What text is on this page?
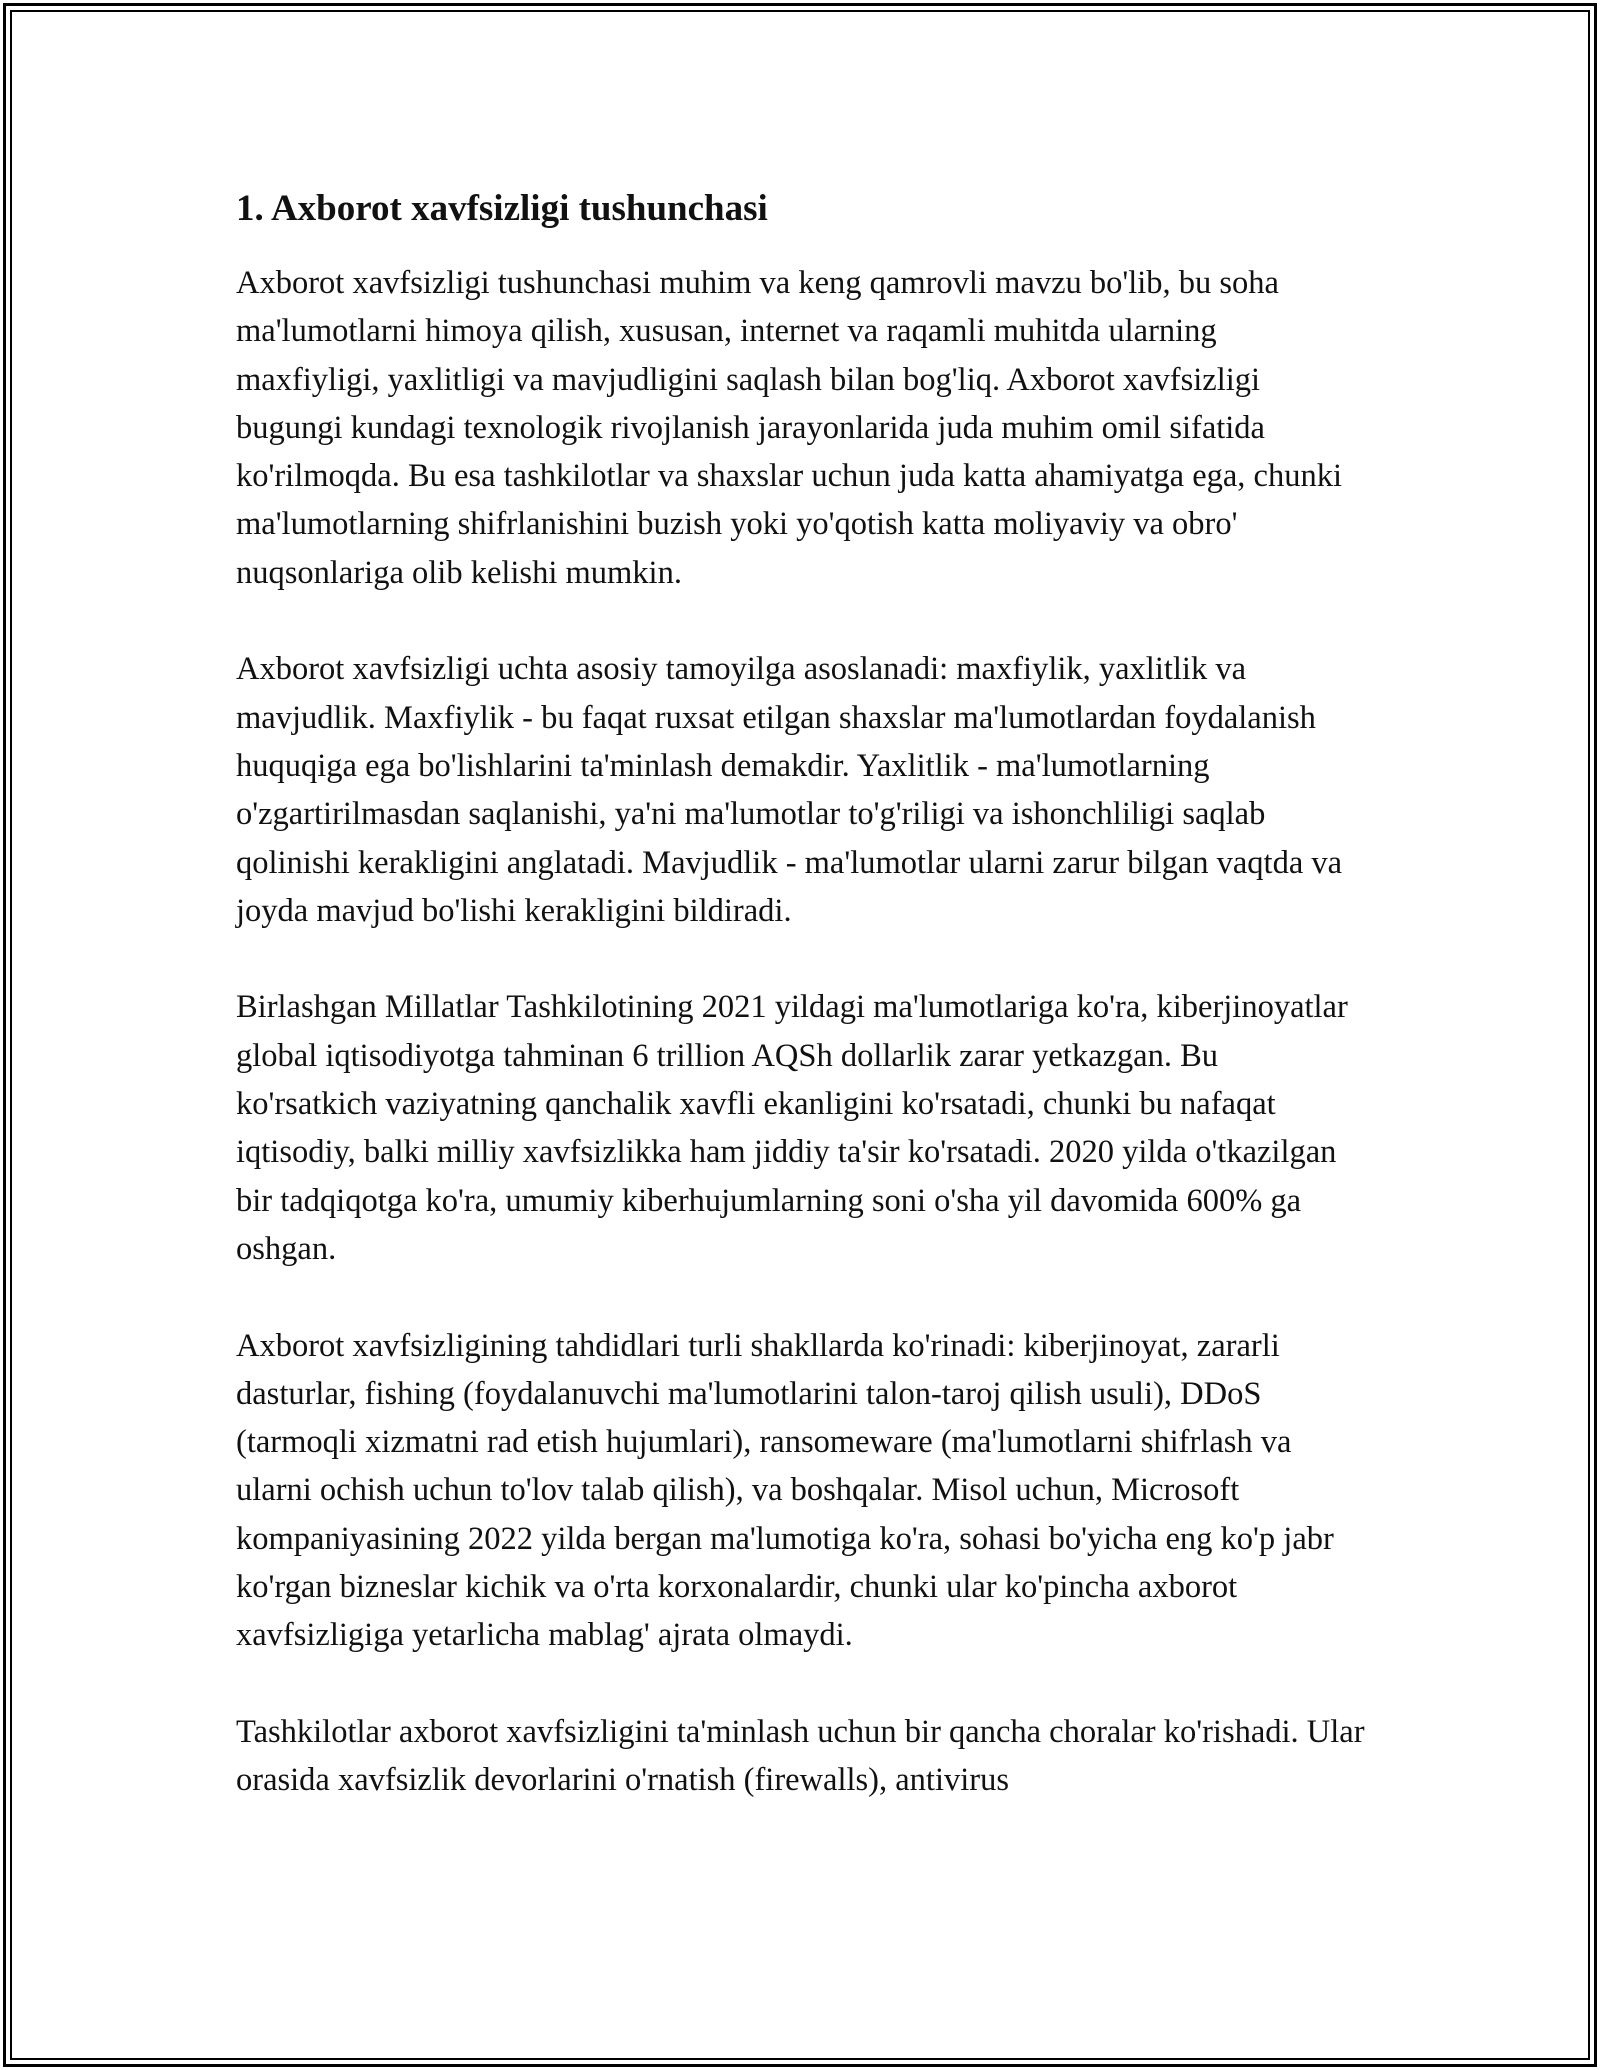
1. Axborot xavfsizligi tushunchasi

Axborot xavfsizligi tushunchasi muhim va keng qamrovli mavzu bo'lib, bu soha ma'lumotlarni himoya qilish, xususan, internet va raqamli muhitda ularning maxfiyligi, yaxlitligi va mavjudligini saqlash bilan bog'liq. Axborot xavfsizligi bugungi kundagi texnologik rivojlanish jarayonlarida juda muhim omil sifatida ko'rilmoqda. Bu esa tashkilotlar va shaxslar uchun juda katta ahamiyatga ega, chunki ma'lumotlarning shifrlanishini buzish yoki yo'qotish katta moliyaviy va obro' nuqsonlariga olib kelishi mumkin.

Axborot xavfsizligi uchta asosiy tamoyilga asoslanadi: maxfiylik, yaxlitlik va mavjudlik. Maxfiylik - bu faqat ruxsat etilgan shaxslar ma'lumotlardan foydalanish huquqiga ega bo'lishlarini ta'minlash demakdir. Yaxlitlik - ma'lumotlarning o'zgartirilmasdan saqlanishi, ya'ni ma'lumotlar to'g'riligi va ishonchliligi saqlab qolinishi kerakligini anglatadi. Mavjudlik - ma'lumotlar ularni zarur bilgan vaqtda va joyda mavjud bo'lishi kerakligini bildiradi.

Birlashgan Millatlar Tashkilotining 2021 yildagi ma'lumotlariga ko'ra, kiberjinoyatlar global iqtisodiyotga tahminan 6 trillion AQSh dollarlik zarar yetkazgan. Bu ko'rsatkich vaziyatning qanchalik xavfli ekanligini ko'rsatadi, chunki bu nafaqat iqtisodiy, balki milliy xavfsizlikka ham jiddiy ta'sir ko'rsatadi. 2020 yilda o'tkazilgan bir tadqiqotga ko'ra, umumiy kiberhujumlarning soni o'sha yil davomida 600% ga oshgan.

Axborot xavfsizligining tahdidlari turli shakllarda ko'rinadi: kiberjinoyat, zararli dasturlar, fishing (foydalanuvchi ma'lumotlarini talon-taroj qilish usuli), DDoS (tarmoqli xizmatni rad etish hujumlari), ransomeware (ma'lumotlarni shifrlash va ularni ochish uchun to'lov talab qilish), va boshqalar. Misol uchun, Microsoft kompaniyasining 2022 yilda bergan ma'lumotiga ko'ra, sohasi bo'yicha eng ko'p jabr ko'rgan bizneslar kichik va o'rta korxonalardir, chunki ular ko'pincha axborot xavfsizligiga yetarlicha mablag' ajrata olmaydi.

Tashkilotlar axborot xavfsizligini ta'minlash uchun bir qancha choralar ko'rishadi. Ular orasida xavfsizlik devorlarini o'rnatish (firewalls), antivirus
